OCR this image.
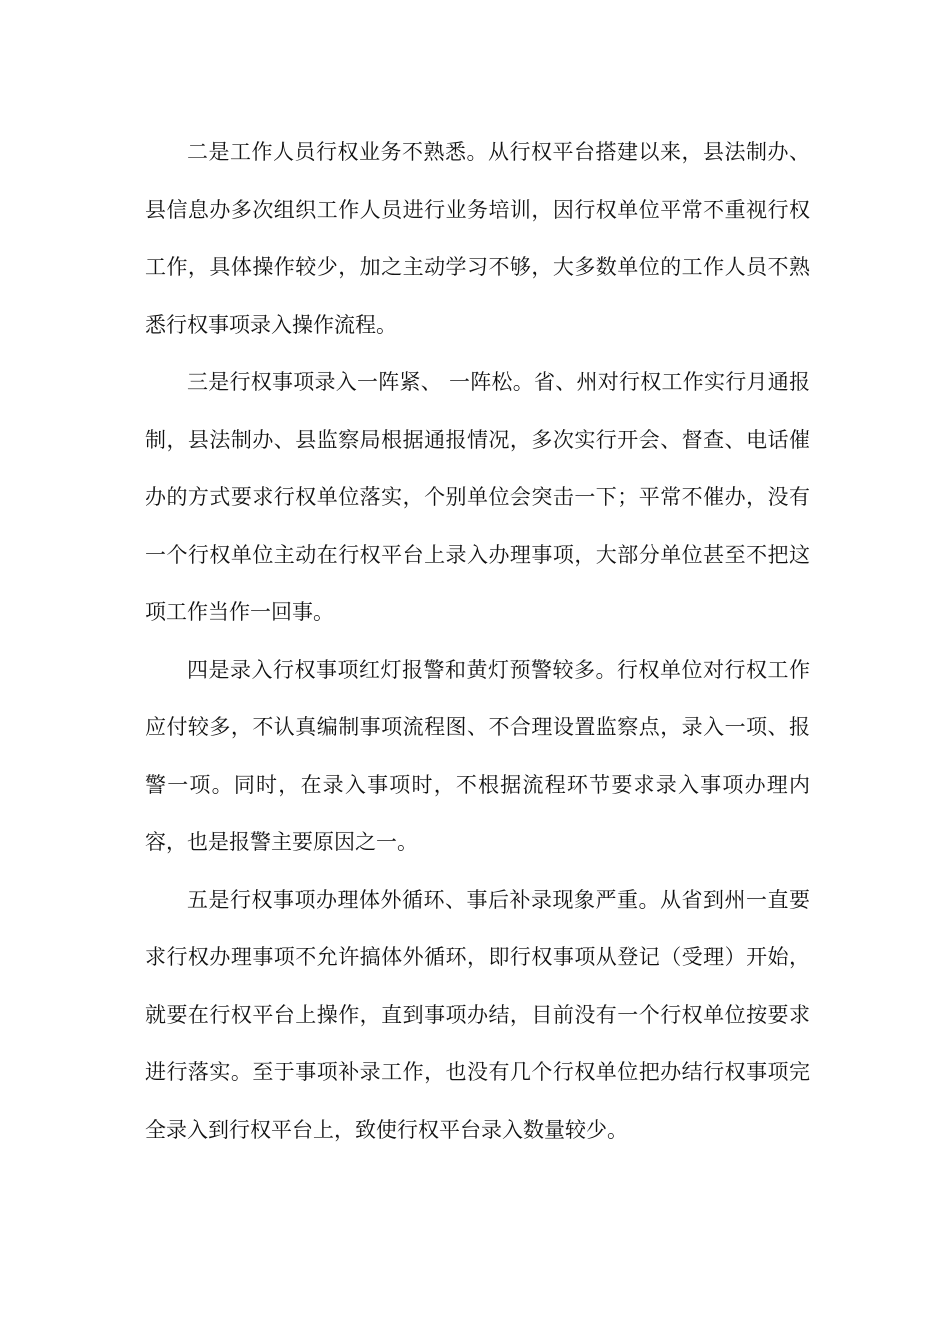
二是工作人员行权业务不熟悉。从行权平台搭建以来，县法制办、县信息办多次组织工作人员进行业务培训，因行权单位平常不重视行权工作，具体操作较少，加之主动学习不够，大多数单位的工作人员不熟悉行权事项录入操作流程。

三是行权事项录入一阵紧、 一阵松。省、州对行权工作实行月通报制，县法制办、县监察局根据通报情况，多次实行开会、督查、电话催办的方式要求行权单位落实，个别单位会突击一下；平常不催办，没有一个行权单位主动在行权平台上录入办理事项，大部分单位甚至不把这项工作当作一回事。

四是录入行权事项红灯报警和黄灯预警较多。行权单位对行权工作应付较多，不认真编制事项流程图、不合理设置监察点，录入一项、报警一项。同时，在录入事项时，不根据流程环节要求录入事项办理内容，也是报警主要原因之一。

五是行权事项办理体外循环、事后补录现象严重。从省到州一直要求行权办理事项不允许搞体外循环，即行权事项从登记（受理）开始，就要在行权平台上操作，直到事项办结，目前没有一个行权单位按要求进行落实。至于事项补录工作，也没有几个行权单位把办结行权事项完全录入到行权平台上，致使行权平台录入数量较少。
